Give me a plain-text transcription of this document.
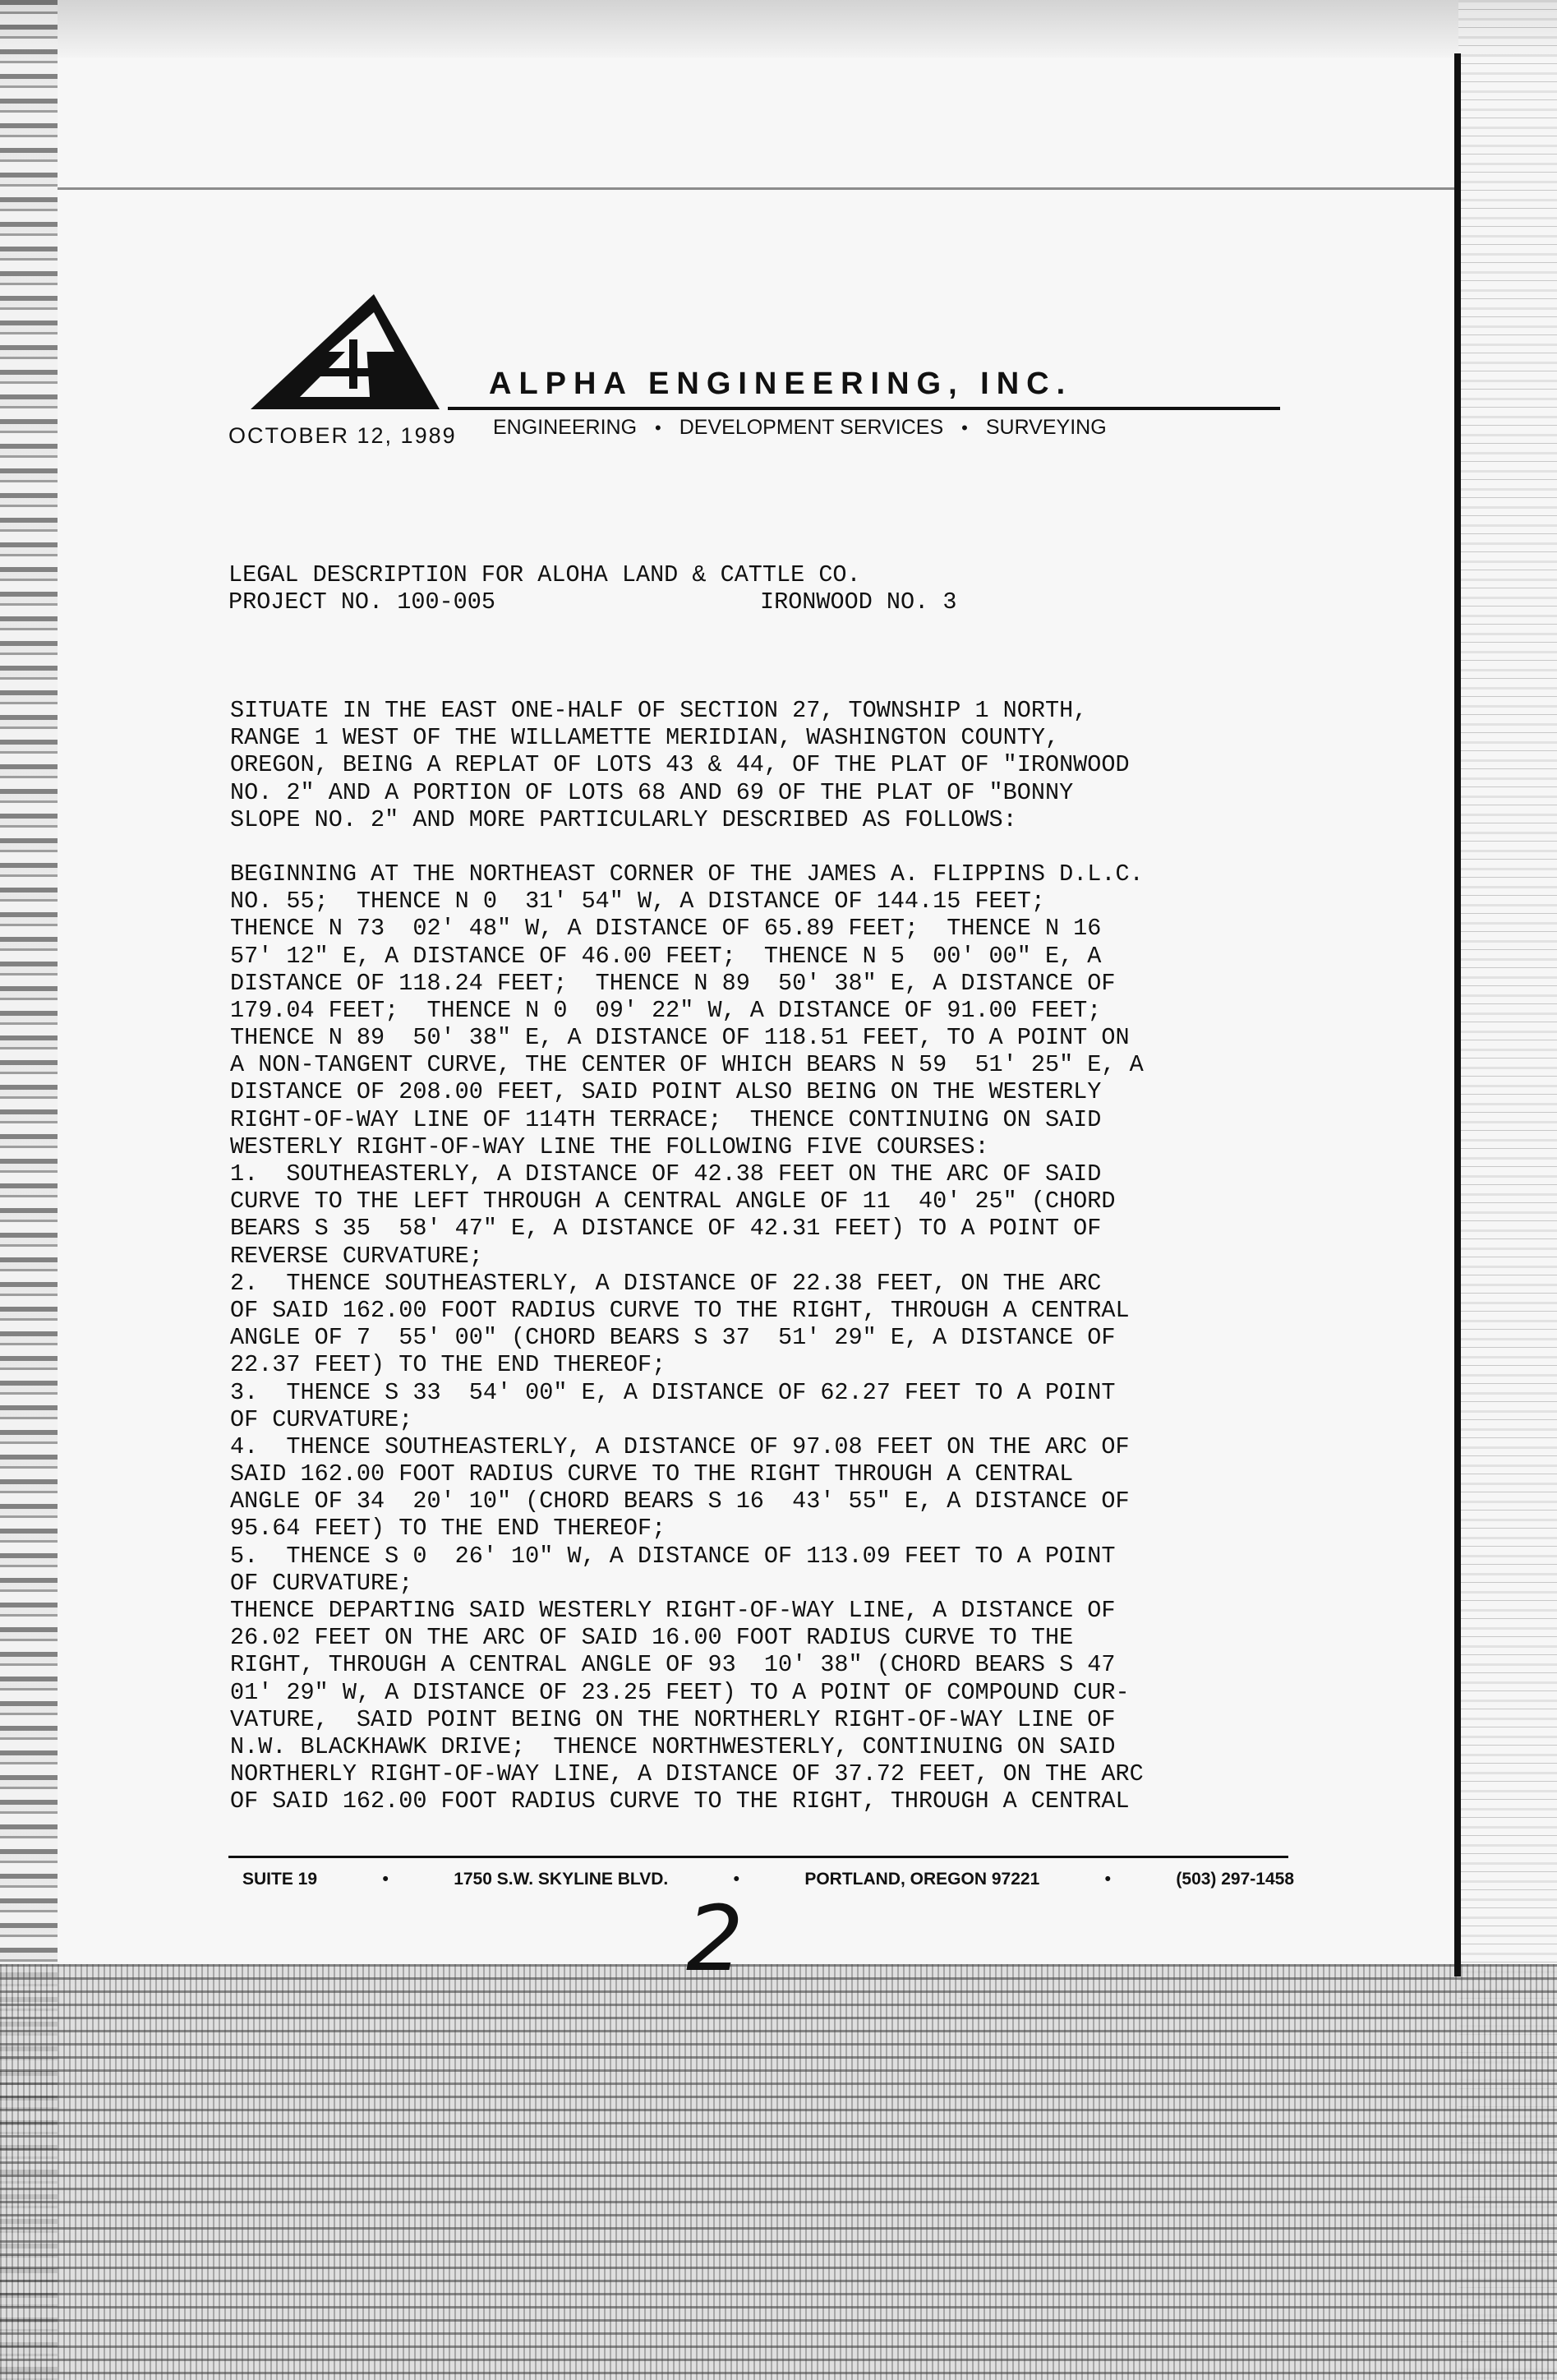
ALPHA ENGINEERING, INC.
OCTOBER 12, 1989 ENGINEERING • DEVELOPMENT SERVICES • SURVEYING
LEGAL DESCRIPTION FOR ALOHA LAND & CATTLE CO.
PROJECT NO. 100-005	IRONWOOD NO. 3
SITUATE IN THE EAST ONE-HALF OF SECTION 27, TOWNSHIP 1 NORTH,
RANGE 1 WEST OF THE WILLAMETTE MERIDIAN, WASHINGTON COUNTY,
OREGON, BEING A REPLAT OF LOTS 43 & 44, OF THE PLAT OF "IRONWOOD
NO. 2" AND A PORTION OF LOTS 68 AND 69 OF THE PLAT OF "BONNY
SLOPE NO. 2" AND MORE PARTICULARLY DESCRIBED AS FOLLOWS:
BEGINNING AT THE NORTHEAST CORNER OF THE JAMES A. FLIPPINS D.L.C.
NO. 55;  THENCE N 0  31' 54" W, A DISTANCE OF 144.15 FEET;
THENCE N 73  02' 48" W, A DISTANCE OF 65.89 FEET;  THENCE N 16
57' 12" E, A DISTANCE OF 46.00 FEET;  THENCE N 5  00' 00" E, A
DISTANCE OF 118.24 FEET;  THENCE N 89  50' 38" E, A DISTANCE OF
179.04 FEET;  THENCE N 0  09' 22" W, A DISTANCE OF 91.00 FEET;
THENCE N 89  50' 38" E, A DISTANCE OF 118.51 FEET, TO A POINT ON
A NON-TANGENT CURVE, THE CENTER OF WHICH BEARS N 59  51' 25" E, A
DISTANCE OF 208.00 FEET, SAID POINT ALSO BEING ON THE WESTERLY
RIGHT-OF-WAY LINE OF 114TH TERRACE;  THENCE CONTINUING ON SAID
WESTERLY RIGHT-OF-WAY LINE THE FOLLOWING FIVE COURSES:
1.  SOUTHEASTERLY, A DISTANCE OF 42.38 FEET ON THE ARC OF SAID
CURVE TO THE LEFT THROUGH A CENTRAL ANGLE OF 11  40' 25" (CHORD
BEARS S 35  58' 47" E, A DISTANCE OF 42.31 FEET) TO A POINT OF
REVERSE CURVATURE;
2.  THENCE SOUTHEASTERLY, A DISTANCE OF 22.38 FEET, ON THE ARC
OF SAID 162.00 FOOT RADIUS CURVE TO THE RIGHT, THROUGH A CENTRAL
ANGLE OF 7  55' 00" (CHORD BEARS S 37  51' 29" E, A DISTANCE OF
22.37 FEET) TO THE END THEREOF;
3.  THENCE S 33  54' 00" E, A DISTANCE OF 62.27 FEET TO A POINT
OF CURVATURE;
4.  THENCE SOUTHEASTERLY, A DISTANCE OF 97.08 FEET ON THE ARC OF
SAID 162.00 FOOT RADIUS CURVE TO THE RIGHT THROUGH A CENTRAL
ANGLE OF 34  20' 10" (CHORD BEARS S 16  43' 55" E, A DISTANCE OF
95.64 FEET) TO THE END THEREOF;
5.  THENCE S 0  26' 10" W, A DISTANCE OF 113.09 FEET TO A POINT
OF CURVATURE;
THENCE DEPARTING SAID WESTERLY RIGHT-OF-WAY LINE, A DISTANCE OF
26.02 FEET ON THE ARC OF SAID 16.00 FOOT RADIUS CURVE TO THE
RIGHT, THROUGH A CENTRAL ANGLE OF 93  10' 38" (CHORD BEARS S 47
01' 29" W, A DISTANCE OF 23.25 FEET) TO A POINT OF COMPOUND CUR-
VATURE,  SAID POINT BEING ON THE NORTHERLY RIGHT-OF-WAY LINE OF
N.W. BLACKHAWK DRIVE;  THENCE NORTHWESTERLY, CONTINUING ON SAID
NORTHERLY RIGHT-OF-WAY LINE, A DISTANCE OF 37.72 FEET, ON THE ARC
OF SAID 162.00 FOOT RADIUS CURVE TO THE RIGHT, THROUGH A CENTRAL
SUITE 19	•	1750 S.W. SKYLINE BLVD.	•	PORTLAND, OREGON 97221	•	(503) 297-1458
2
